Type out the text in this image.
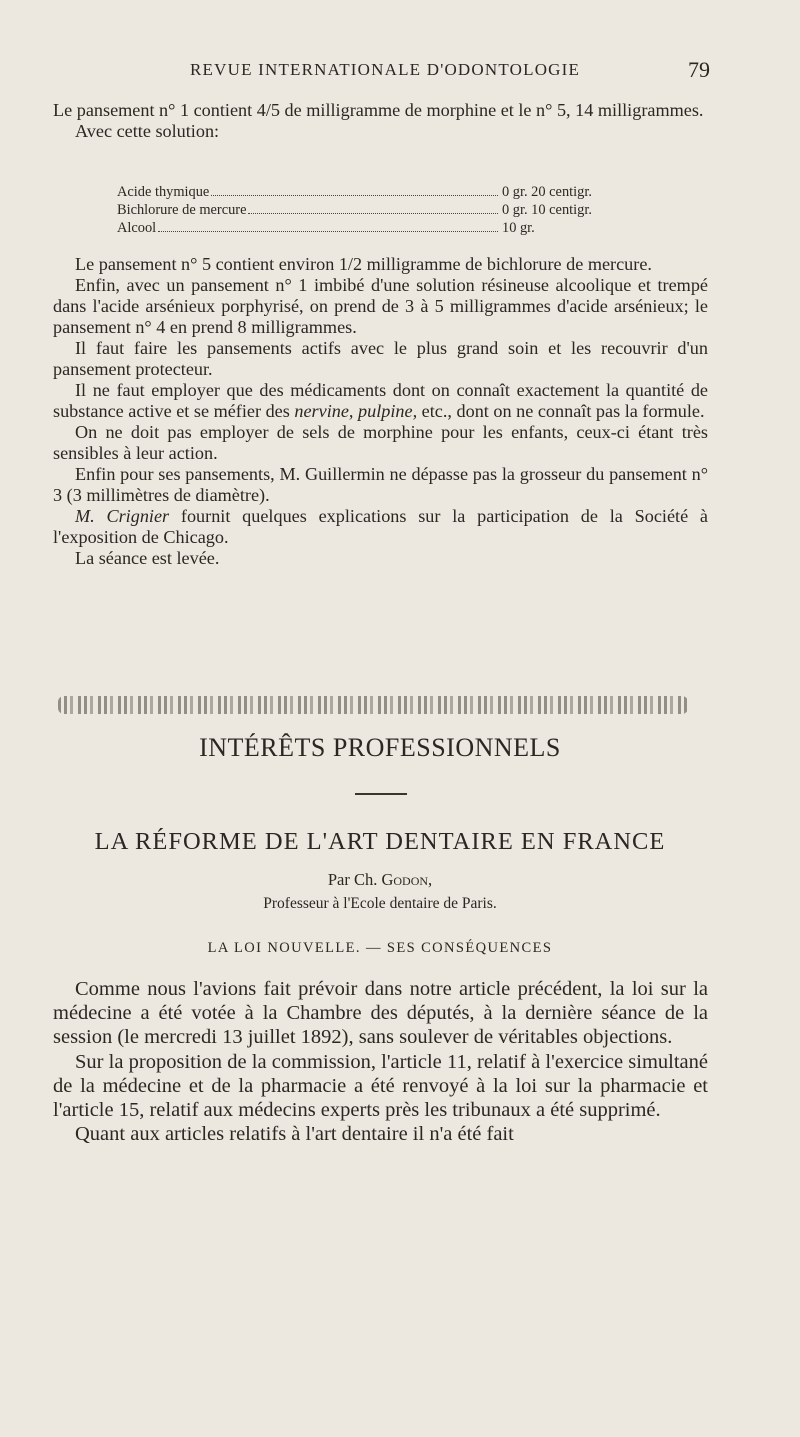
REVUE INTERNATIONALE D'ODONTOLOGIE	79

Le pansement n° 1 contient 4/5 de milligramme de morphine et le n° 5, 14 milligrammes.

Avec cette solution:

Acide thymique	0 gr. 20 centigr.
Bichlorure de mercure	0 gr. 10 centigr.
Alcool	10 gr.

Le pansement n° 5 contient environ 1/2 milligramme de bichlorure de mercure.

Enfin, avec un pansement n° 1 imbibé d'une solution résineuse alcoolique et trempé dans l'acide arsénieux porphyrisé, on prend de 3 à 5 milligrammes d'acide arsénieux; le pansement n° 4 en prend 8 milligrammes.

Il faut faire les pansements actifs avec le plus grand soin et les recouvrir d'un pansement protecteur.

Il ne faut employer que des médicaments dont on connaît exactement la quantité de substance active et se méfier des nervine, pulpine, etc., dont on ne connaît pas la formule.

On ne doit pas employer de sels de morphine pour les enfants, ceux-ci étant très sensibles à leur action.

Enfin pour ses pansements, M. Guillermin ne dépasse pas la grosseur du pansement n° 3 (3 millimètres de diamètre).

M. Crignier fournit quelques explications sur la participation de la Société à l'exposition de Chicago.

La séance est levée.

INTÉRÊTS PROFESSIONNELS
LA RÉFORME DE L'ART DENTAIRE EN FRANCE
Par Ch. Godon,
Professeur à l'Ecole dentaire de Paris.
LA LOI NOUVELLE. — SES CONSÉQUENCES

Comme nous l'avions fait prévoir dans notre article précédent, la loi sur la médecine a été votée à la Chambre des députés, à la dernière séance de la session (le mercredi 13 juillet 1892), sans soulever de véritables objections.

Sur la proposition de la commission, l'article 11, relatif à l'exercice simultané de la médecine et de la pharmacie a été renvoyé à la loi sur la pharmacie et l'article 15, relatif aux médecins experts près les tribunaux a été supprimé.

Quant aux articles relatifs à l'art dentaire il n'a été fait
